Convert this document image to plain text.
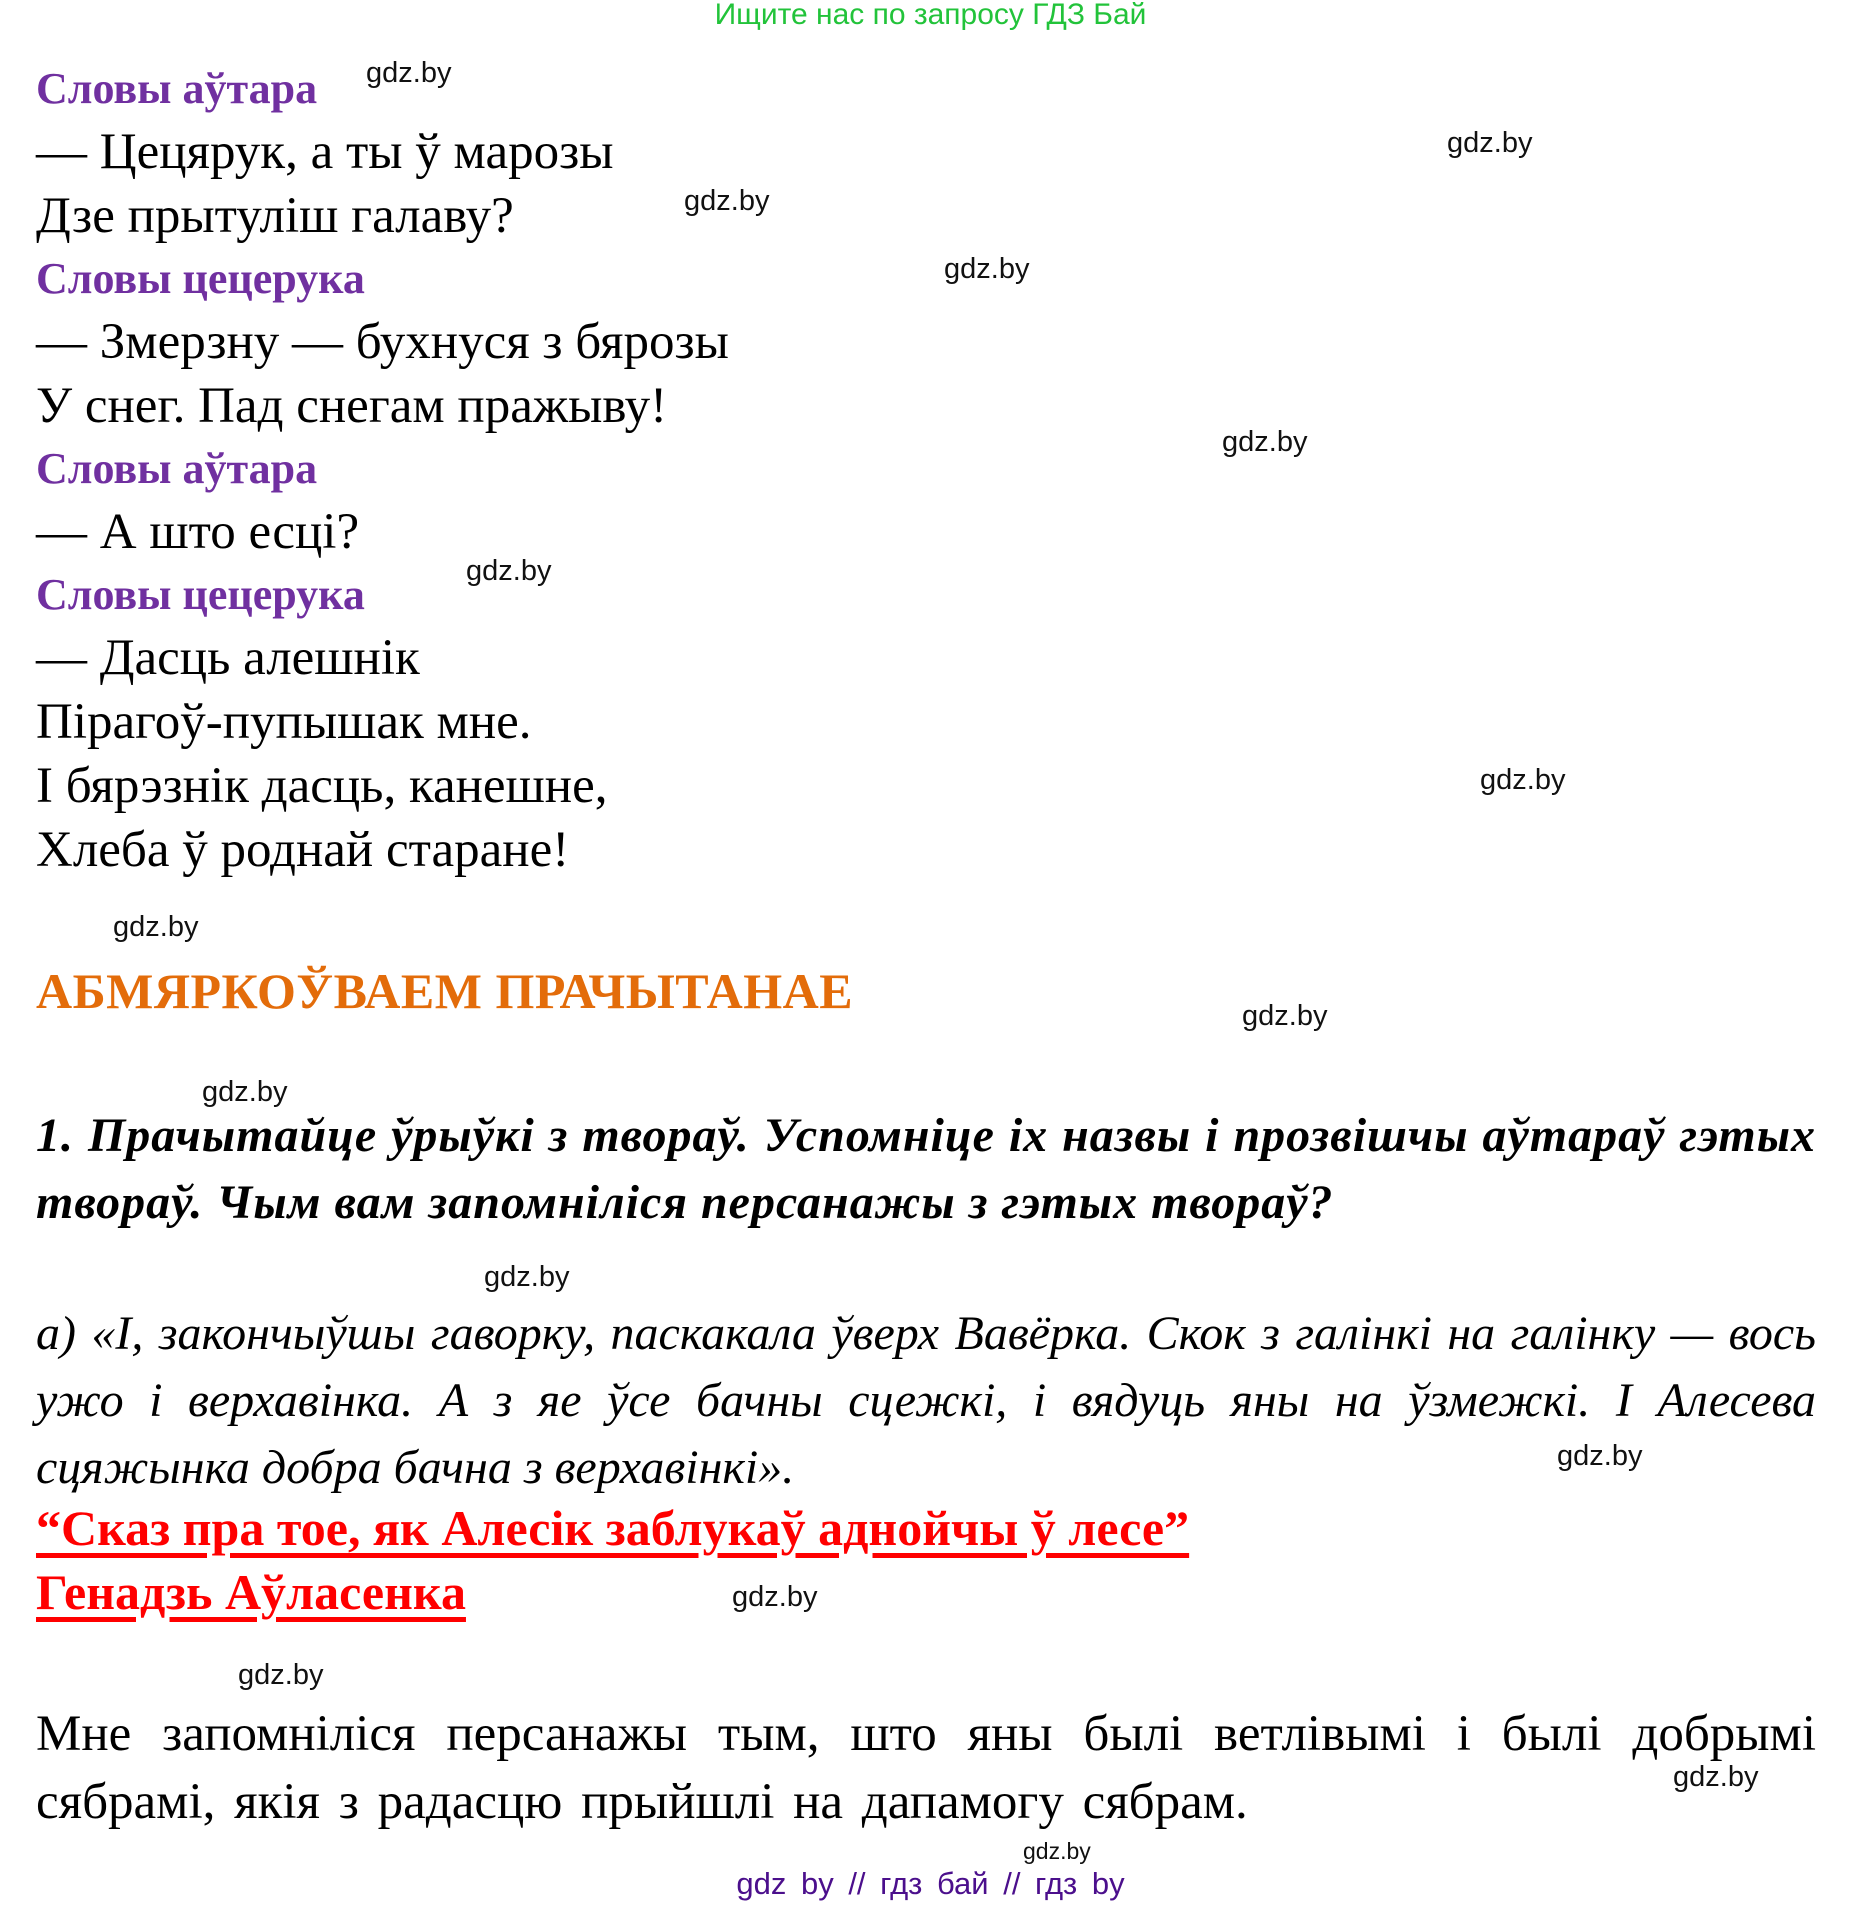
Ищите нас по запросу ГДЗ Бай
Словы аўтара
— Цецярук, а ты ў марозы
Дзе прытуліш галаву?
Словы цецерука
— Змерзну — бухнуся з бярозы
У снег. Пад снегам пражыву!
Словы аўтара
— А што есці?
Словы цецерука
— Дасць алешнік
Пірагоў-пупышак мне.
І бярэзнік дасць, канешне,
Хлеба ў роднай старане!
АБМЯРКОЎВАЕМ ПРАЧЫТАНАЕ
1. Прачытайце ўрыўкі з твораў. Успомніце іх назвы і прозвішчы аўтараў гэтых твораў. Чым вам запомніліся персанажы з гэтых твораў?
а) «І, закончыўшы гаворку, паскакала ўверх Вавёрка. Скок з галінкі на галінку — вось ужо і верхавінка. А з яе ўсе бачны сцежкі, і вядуць яны на ўзмежкі. І Алесева сцяжынка добра бачна з верхавінкі».
“Сказ пра тое, як Алесік заблукаў аднойчы ў лесе”
Генадзь Аўласенка
Мне запомніліся персанажы тым, што яны былі ветлівымі і былі добрымі сябрамі, якія з радасцю прыйшлі на дапамогу сябрам.
gdz.by
gdz.by
gdz.by
gdz.by
gdz.by
gdz.by
gdz.by
gdz.by
gdz.by
gdz.by
gdz.by
gdz.by
gdz.by
gdz.by
gdz.by
gdz.by
gdz by // гдз бай // гдз by
